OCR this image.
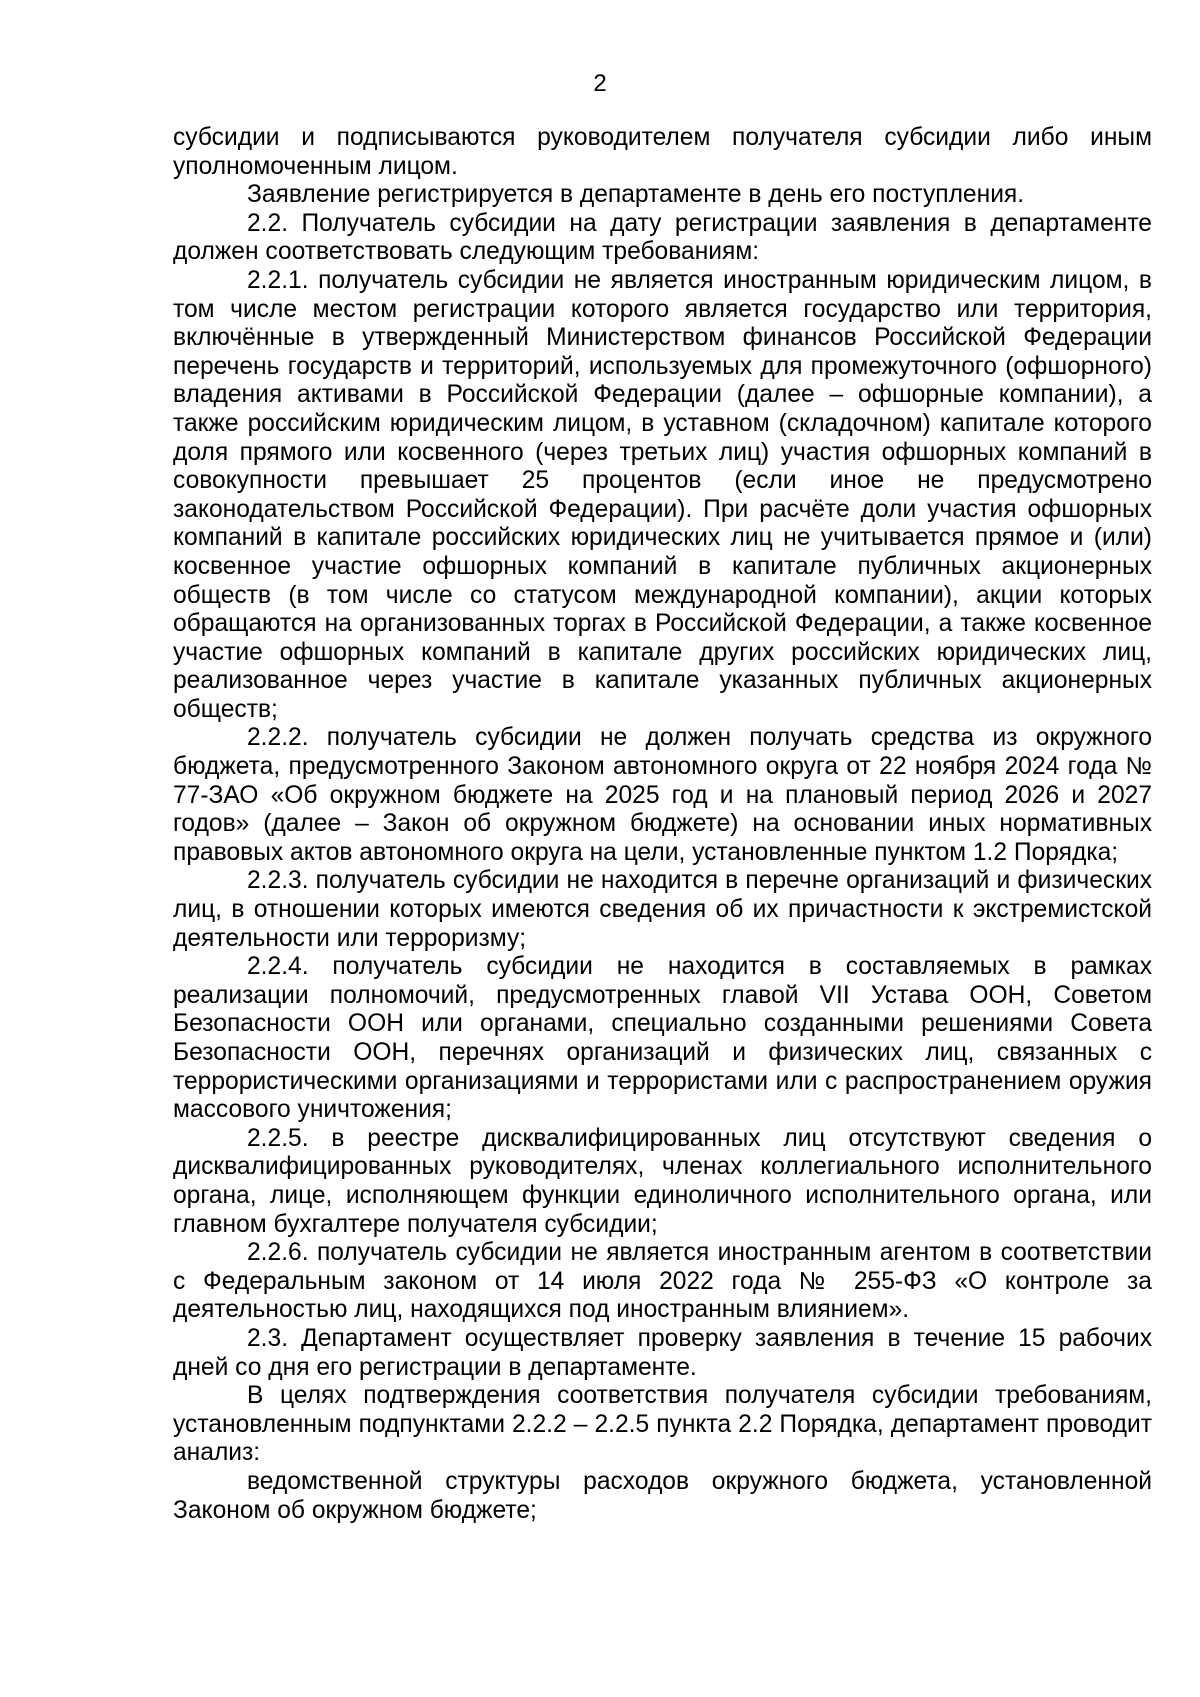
2

субсидии и подписываются руководителем получателя субсидии либо иным уполномоченным лицом.

Заявление регистрируется в департаменте в день его поступления.

2.2. Получатель субсидии на дату регистрации заявления в департаменте должен соответствовать следующим требованиям:

2.2.1. получатель субсидии не является иностранным юридическим лицом, в том числе местом регистрации которого является государство или территория, включённые в утвержденный Министерством финансов Российской Федерации перечень государств и территорий, используемых для промежуточного (офшорного) владения активами в Российской Федерации (далее – офшорные компании), а также российским юридическим лицом, в уставном (складочном) капитале которого доля прямого или косвенного (через третьих лиц) участия офшорных компаний в совокупности превышает 25 процентов (если иное не предусмотрено законодательством Российской Федерации). При расчёте доли участия офшорных компаний в капитале российских юридических лиц не учитывается прямое и (или) косвенное участие офшорных компаний в капитале публичных акционерных обществ (в том числе со статусом международной компании), акции которых обращаются на организованных торгах в Российской Федерации, а также косвенное участие офшорных компаний в капитале других российских юридических лиц, реализованное через участие в капитале указанных публичных акционерных обществ;

2.2.2. получатель субсидии не должен получать средства из окружного бюджета, предусмотренного Законом автономного округа от 22 ноября 2024 года № 77-ЗАО «Об окружном бюджете на 2025 год и на плановый период 2026 и 2027 годов» (далее – Закон об окружном бюджете) на основании иных нормативных правовых актов автономного округа на цели, установленные пунктом 1.2 Порядка;

2.2.3. получатель субсидии не находится в перечне организаций и физических лиц, в отношении которых имеются сведения об их причастности к экстремистской деятельности или терроризму;

2.2.4. получатель субсидии не находится в составляемых в рамках реализации полномочий, предусмотренных главой VII Устава ООН, Советом Безопасности ООН или органами, специально созданными решениями Совета Безопасности ООН, перечнях организаций и физических лиц, связанных с террористическими организациями и террористами или с распространением оружия массового уничтожения;

2.2.5. в реестре дисквалифицированных лиц отсутствуют сведения о дисквалифицированных руководителях, членах коллегиального исполнительного органа, лице, исполняющем функции единоличного исполнительного органа, или главном бухгалтере получателя субсидии;

2.2.6. получатель субсидии не является иностранным агентом в соответствии с Федеральным законом от 14 июля 2022 года № 255-ФЗ «О контроле за деятельностью лиц, находящихся под иностранным влиянием».

2.3. Департамент осуществляет проверку заявления в течение 15 рабочих дней со дня его регистрации в департаменте.

В целях подтверждения соответствия получателя субсидии требованиям, установленным подпунктами 2.2.2 – 2.2.5 пункта 2.2 Порядка, департамент проводит анализ:

ведомственной структуры расходов окружного бюджета, установленной Законом об окружном бюджете;
